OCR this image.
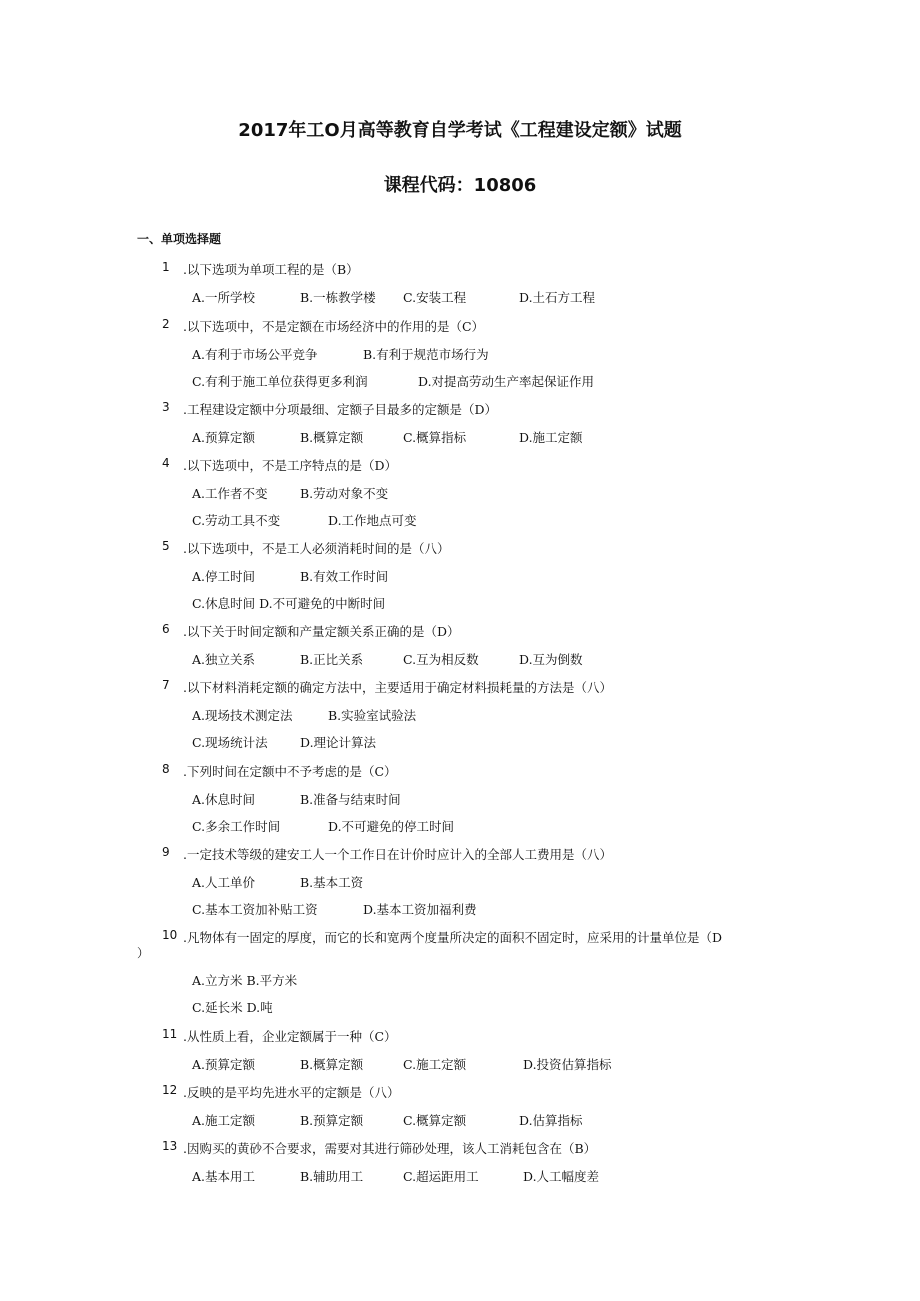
2017年工O月高等教育自学考试《工程建设定额》试题
课程代码：10806
一、单项选择题
1 .以下选项为单项工程的是（B）
A.一所学校	B.一栋教学楼 C.安装工程	D.土石方工程
2 .以下选项中，不是定额在市场经济中的作用的是（C）
A.有利于市场公平竞争	B.有利于规范市场行为
C.有利于施工单位获得更多利润	D.对提高劳动生产率起保证作用
3 .工程建设定额中分项最细、定额子目最多的定额是（D）
A.预算定额	B.概算定额	C.概算指标	D.施工定额
4 .以下选项中，不是工序特点的是（D）
A.工作者不变	B.劳动对象不变
C.劳动工具不变	D.工作地点可变
5 .以下选项中，不是工人必须消耗时间的是（八）
A.停工时间	B.有效工作时间
C.休息时间 D.不可避免的中断时间
6 .以下关于时间定额和产量定额关系正确的是（D）
A.独立关系	B.正比关系	C.互为相反数	D.互为倒数
7 .以下材料消耗定额的确定方法中，主要适用于确定材料损耗量的方法是（八）
A.现场技术测定法	B.实验室试验法
C.现场统计法	D.理论计算法
8 .下列时间在定额中不予考虑的是（C）
A.休息时间	B.准备与结束时间
C.多余工作时间	D.不可避免的停工时间
9 .一定技术等级的建安工人一个工作日在计价时应计入的全部人工费用是（八）
A.人工单价	B.基本工资
C.基本工资加补贴工资	D.基本工资加福利费
10 .凡物体有一固定的厚度，而它的长和宽两个度量所决定的面积不固定时，应采用的计量单位是（D
）
A.立方米 B.平方米
C.延长米 D.吨
11 .从性质上看，企业定额属于一种（C）
A.预算定额	B.概算定额	C.施工定额	D.投资估算指标
12 .反映的是平均先进水平的定额是（八）
A.施工定额	B.预算定额	C.概算定额	D.估算指标
13 .因购买的黄砂不合要求，需要对其进行筛砂处理，该人工消耗包含在（B）
A.基本用工	B.辅助用工	C.超运距用工	D.人工幅度差
